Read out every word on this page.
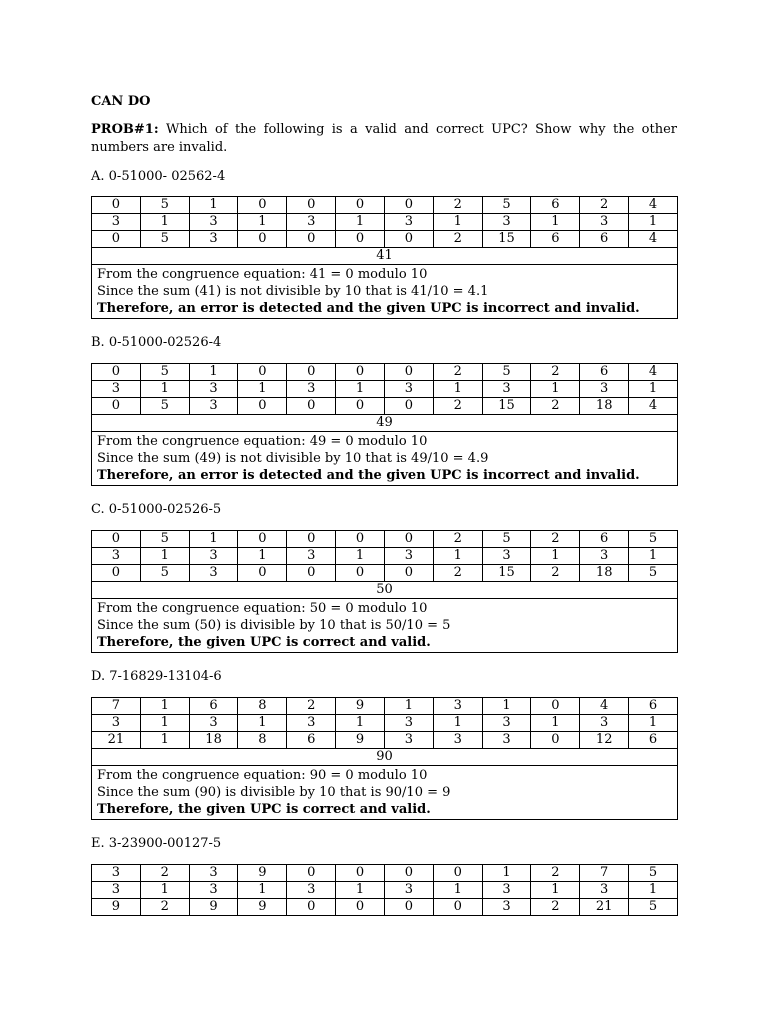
CAN DO
PROB#1: Which of the following is a valid and correct UPC? Show why the other numbers are invalid.
A. 0-51000- 02562-4
0	5	1	0	0	0	0	2	5	6	2	4
3	1	3	1	3	1	3	1	3	1	3	1
0	5	3	0	0	0	0	2	15	6	6	4
41											

From the congruence equation: 41 = 0 modulo 10
Since the sum (41) is not divisible by 10 that is 41/10 = 4.1
Therefore, an error is detected and the given UPC is incorrect and invalid.											
B. 0-51000-02526-4
0	5	1	0	0	0	0	2	5	2	6	4
3	1	3	1	3	1	3	1	3	1	3	1
0	5	3	0	0	0	0	2	15	2	18	4
49											

From the congruence equation: 49 = 0 modulo 10
Since the sum (49) is not divisible by 10 that is 49/10 = 4.9
Therefore, an error is detected and the given UPC is incorrect and invalid.											
C. 0-51000-02526-5
0	5	1	0	0	0	0	2	5	2	6	5
3	1	3	1	3	1	3	1	3	1	3	1
0	5	3	0	0	0	0	2	15	2	18	5
50											

From the congruence equation: 50 = 0 modulo 10
Since the sum (50) is divisible by 10 that is 50/10 = 5
Therefore, the given UPC is correct and valid.											
D. 7-16829-13104-6
7	1	6	8	2	9	1	3	1	0	4	6
3	1	3	1	3	1	3	1	3	1	3	1
21	1	18	8	6	9	3	3	3	0	12	6
90											

From the congruence equation: 90 = 0 modulo 10
Since the sum (90) is divisible by 10 that is 90/10 = 9
Therefore, the given UPC is correct and valid.											
E. 3-23900-00127-5
3	2	3	9	0	0	0	0	1	2	7	5
3	1	3	1	3	1	3	1	3	1	3	1
9	2	9	9	0	0	0	0	3	2	21	5
